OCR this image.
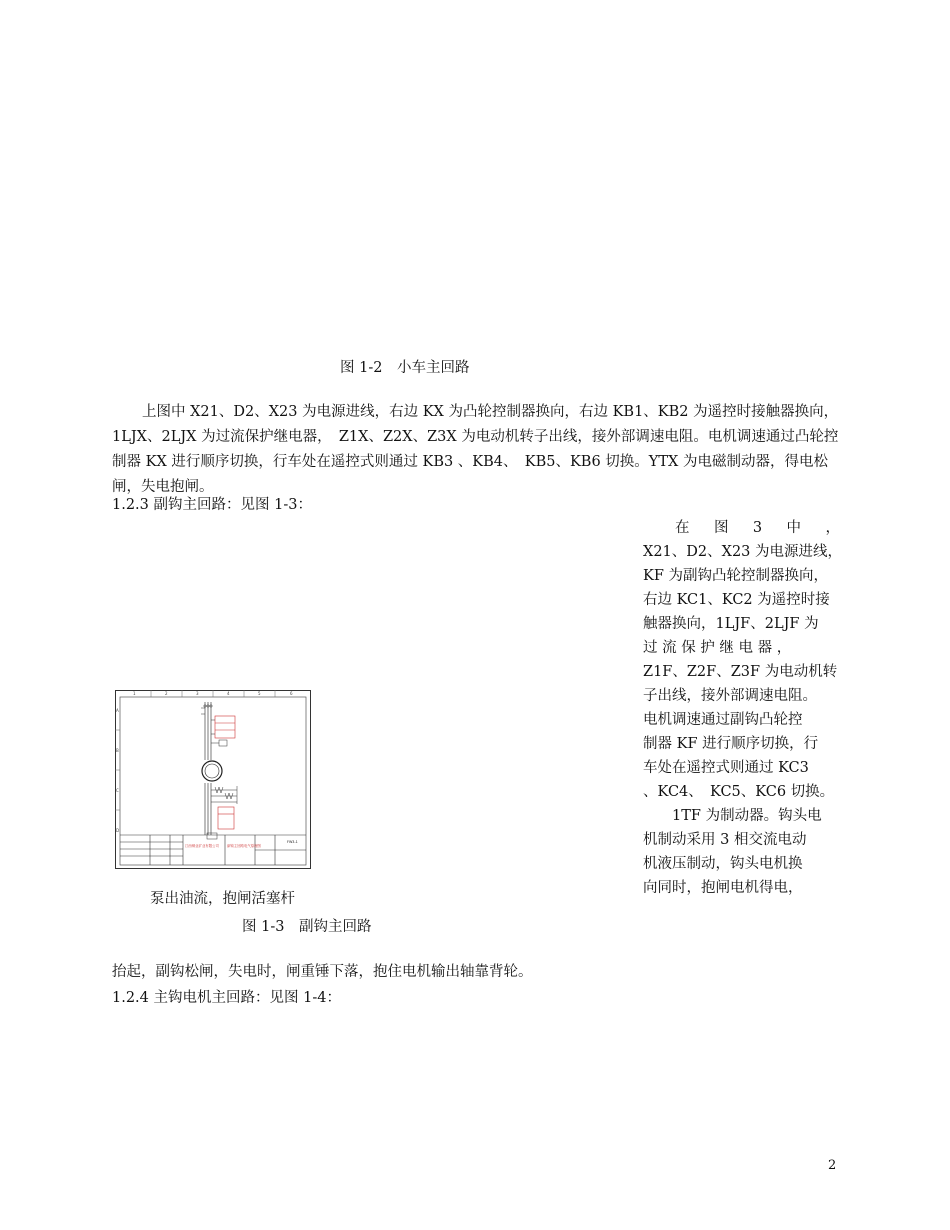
图 1-2　小车主回路
上图中 X21、D2、X23 为电源进线，右边 KX 为凸轮控制器换向，右边 KB1、KB2 为遥控时接触器换向，1LJX、2LJX 为过流保护继电器，　Z1X、Z2X、Z3X 为电动机转子出线，接外部调速电阻。电机调速通过凸轮控制器 KX 进行顺序切换，行车处在遥控式则通过 KB3 、KB4、　KB5、KB6 切换。YTX 为电磁制动器，得电松闸，失电抱闸。
1.2.3 副钩主回路：见图 1-3：
在 图 3 中 ，
X21、D2、X23 为电源进线，
KF 为副钩凸轮控制器换向，
右边 KC1、KC2 为遥控时接
触器换向，1LJF、2LJF 为
过 流 保 护 继 电 器 ，
Z1F、Z2F、Z3F 为电动机转
子出线，接外部调速电阻。
电机调速通过副钩凸轮控
制器 KF 进行顺序切换，行
车处在遥控式则通过 KC3
、KC4、　KC5、KC6 切换。
　　1TF 为制动器。钩头电
机制动采用 3 相交流电动
机液压制动，钩头电机换
向同时，抱闸电机得电，
1	2	3	4	5	6
A
B
C
D
江西铜业矿业有限公司 副钩主回路电气原理图
FW3-1
泵出油流，抱闸活塞杆
图 1-3　副钩主回路
抬起，副钩松闸，失电时，闸重锤下落，抱住电机输出轴靠背轮。
1.2.4 主钩电机主回路：见图 1-4：
2
